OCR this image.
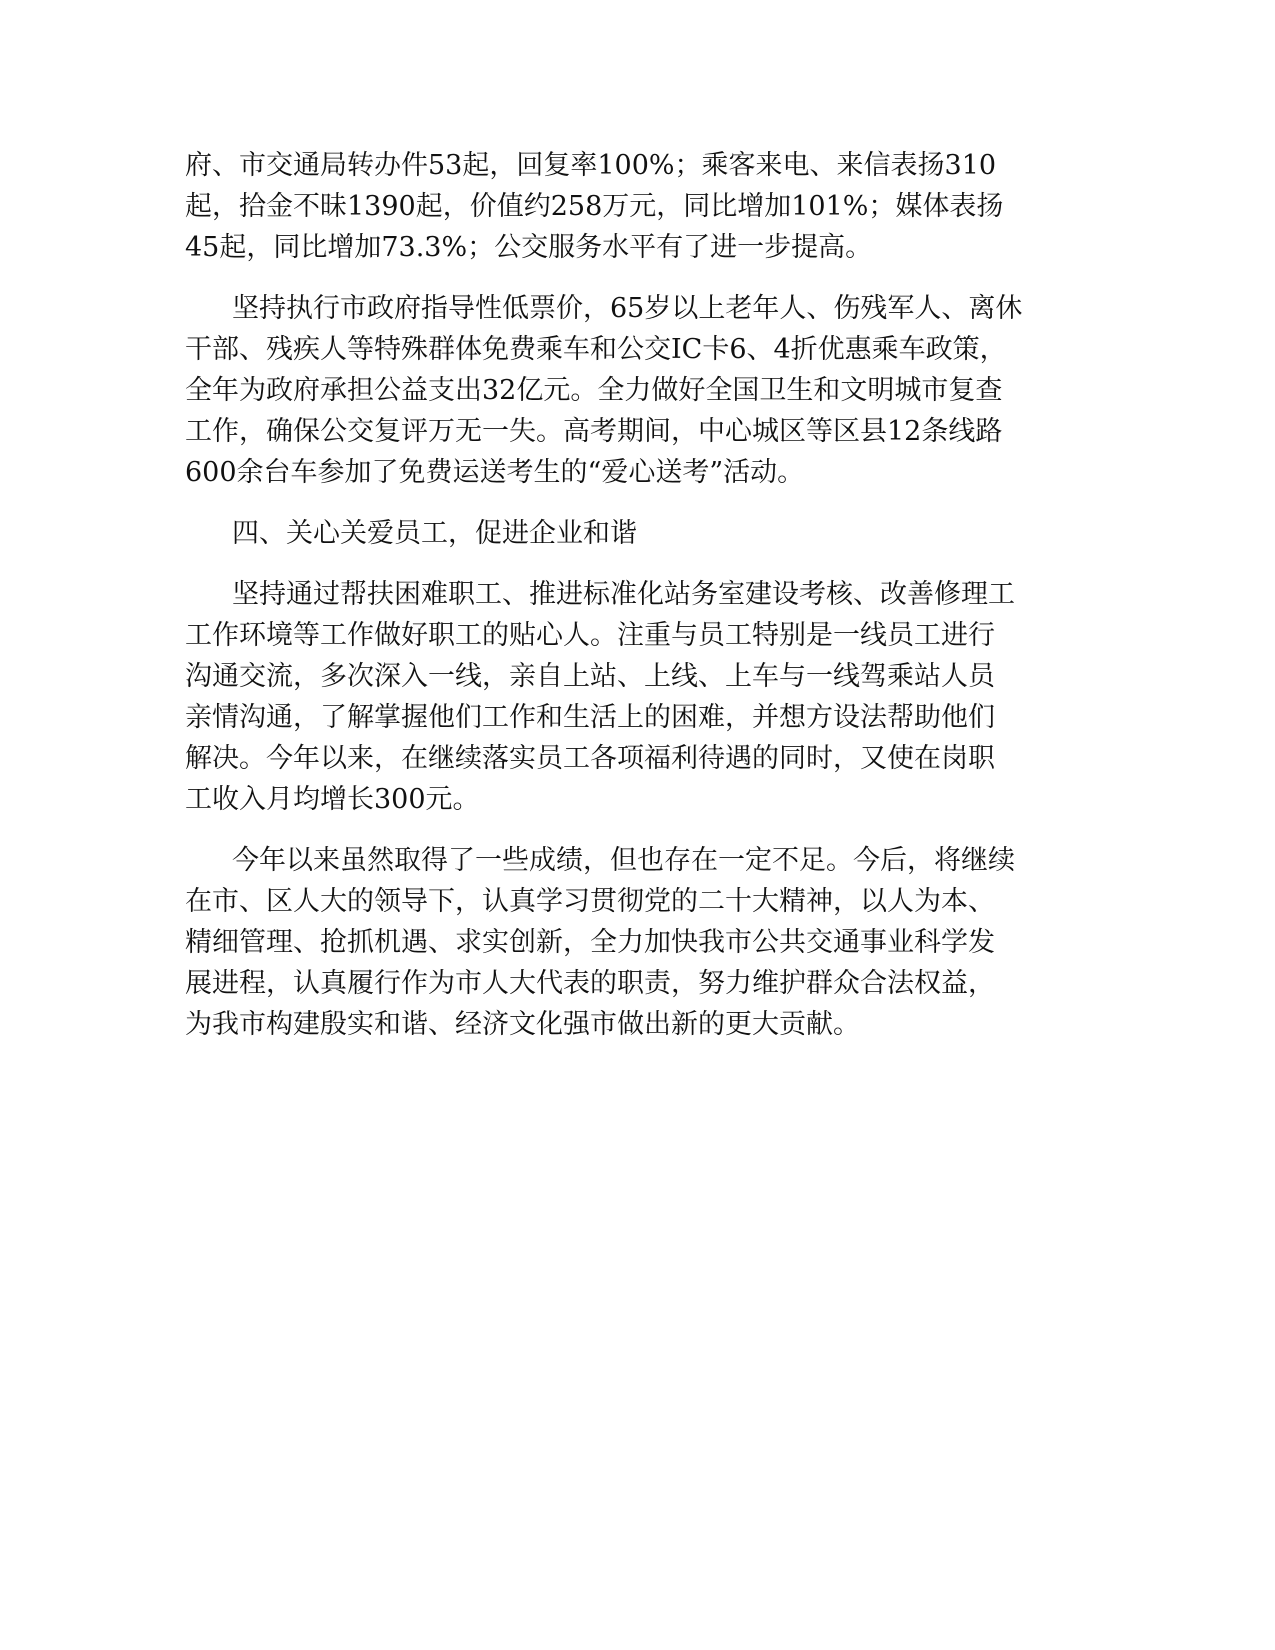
府、市交通局转办件53起，回复率100%；乘客来电、来信表扬310
起，拾金不昧1390起，价值约258万元，同比增加101%；媒体表扬
45起，同比增加73.3%；公交服务水平有了进一步提高。

坚持执行市政府指导性低票价，65岁以上老年人、伤残军人、离休
干部、残疾人等特殊群体免费乘车和公交IC卡6、4折优惠乘车政策，
全年为政府承担公益支出32亿元。全力做好全国卫生和文明城市复查
工作，确保公交复评万无一失。高考期间，中心城区等区县12条线路
600余台车参加了免费运送考生的“爱心送考”活动。

四、关心关爱员工，促进企业和谐

坚持通过帮扶困难职工、推进标准化站务室建设考核、改善修理工
工作环境等工作做好职工的贴心人。注重与员工特别是一线员工进行
沟通交流，多次深入一线，亲自上站、上线、上车与一线驾乘站人员
亲情沟通，了解掌握他们工作和生活上的困难，并想方设法帮助他们
解决。今年以来，在继续落实员工各项福利待遇的同时，又使在岗职
工收入月均增长300元。

今年以来虽然取得了一些成绩，但也存在一定不足。今后，将继续
在市、区人大的领导下，认真学习贯彻党的二十大精神，以人为本、
精细管理、抢抓机遇、求实创新，全力加快我市公共交通事业科学发
展进程，认真履行作为市人大代表的职责，努力维护群众合法权益，
为我市构建殷实和谐、经济文化强市做出新的更大贡献。
